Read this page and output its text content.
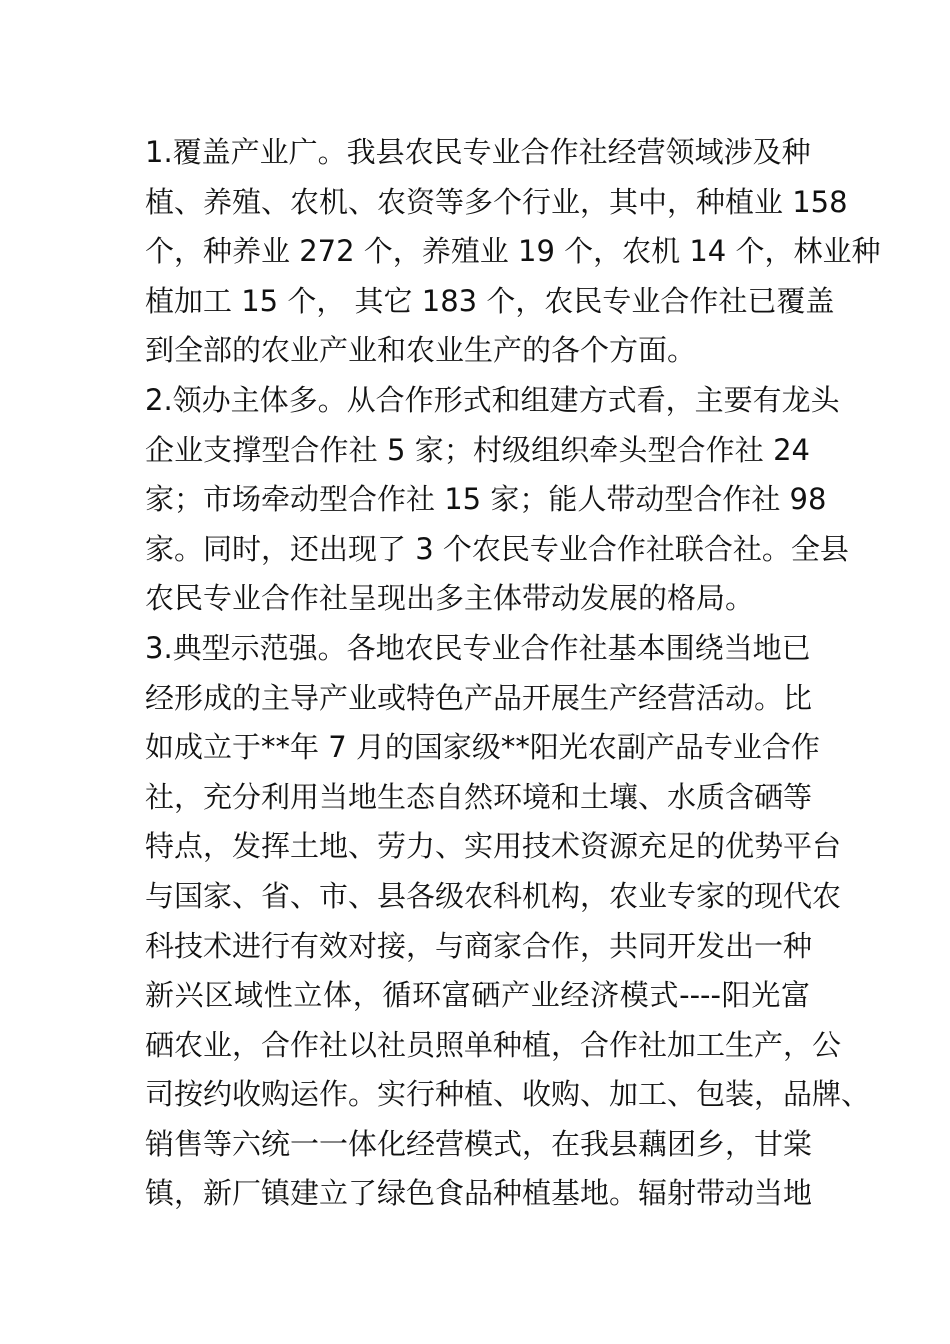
1.覆盖产业广。我县农民专业合作社经营领域涉及种
植、养殖、农机、农资等多个行业，其中，种植业 158
个，种养业 272 个，养殖业 19 个，农机 14 个，林业种
植加工 15 个， 其它 183 个，农民专业合作社已覆盖
到全部的农业产业和农业生产的各个方面。
2.领办主体多。从合作形式和组建方式看，主要有龙头
企业支撑型合作社 5 家；村级组织牵头型合作社 24
家；市场牵动型合作社 15 家；能人带动型合作社 98
家。同时，还出现了 3 个农民专业合作社联合社。全县
农民专业合作社呈现出多主体带动发展的格局。
3.典型示范强。各地农民专业合作社基本围绕当地已
经形成的主导产业或特色产品开展生产经营活动。比
如成立于**年 7 月的国家级**阳光农副产品专业合作
社，充分利用当地生态自然环境和土壤、水质含硒等
特点，发挥土地、劳力、实用技术资源充足的优势平台
与国家、省、市、县各级农科机构，农业专家的现代农
科技术进行有效对接，与商家合作，共同开发出一种
新兴区域性立体，循环富硒产业经济模式----阳光富
硒农业，合作社以社员照单种植，合作社加工生产，公
司按约收购运作。实行种植、收购、加工、包装，品牌、
销售等六统一一体化经营模式，在我县藕团乡，甘棠
镇，新厂镇建立了绿色食品种植基地。辐射带动当地
